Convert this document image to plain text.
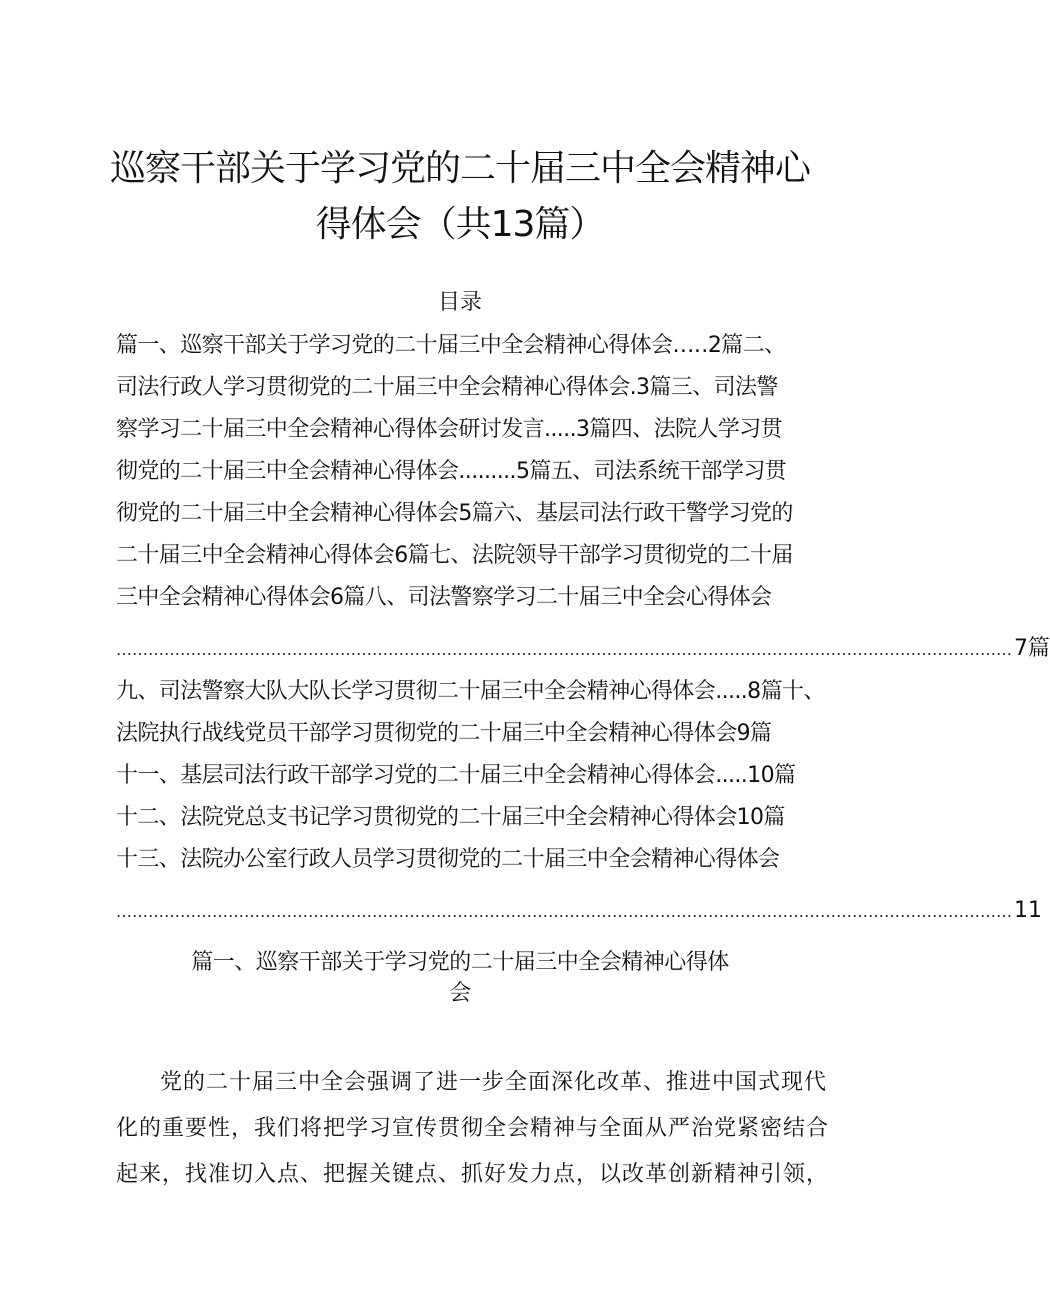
巡察干部关于学习党的二十届三中全会精神心
得体会（共13篇）
目录
篇一、巡察干部关于学习党的二十届三中全会精神心得体会…‥2篇二、
司法行政人学习贯彻党的二十届三中全会精神心得体会.3篇三、司法警
察学习二十届三中全会精神心得体会研讨发言.....3篇四、法院人学习贯
彻党的二十届三中全会精神心得体会.........5篇五、司法系统干部学习贯
彻党的二十届三中全会精神心得体会5篇六、基层司法行政干警学习党的
二十届三中全会精神心得体会6篇七、法院领导干部学习贯彻党的二十届
三中全会精神心得体会6篇八、司法警察学习二十届三中全会心得体会
…………………………………………………………………………………………………………………………………………………… 7篇
九、司法警察大队大队长学习贯彻二十届三中全会精神心得体会.....8篇十、
法院执行战线党员干部学习贯彻党的二十届三中全会精神心得体会9篇
十一、基层司法行政干部学习党的二十届三中全会精神心得体会.....10篇
十二、法院党总支书记学习贯彻党的二十届三中全会精神心得体会10篇
十三、法院办公室行政人员学习贯彻党的二十届三中全会精神心得体会
…………………………………………………………………………………………………………………………………………………… 11
篇一、巡察干部关于学习党的二十届三中全会精神心得体
会
党的二十届三中全会强调了进一步全面深化改革、推进中国式现代
化的重要性，我们将把学习宣传贯彻全会精神与全面从严治党紧密结合
起来，找准切入点、把握关键点、抓好发力点，以改革创新精神引领，
